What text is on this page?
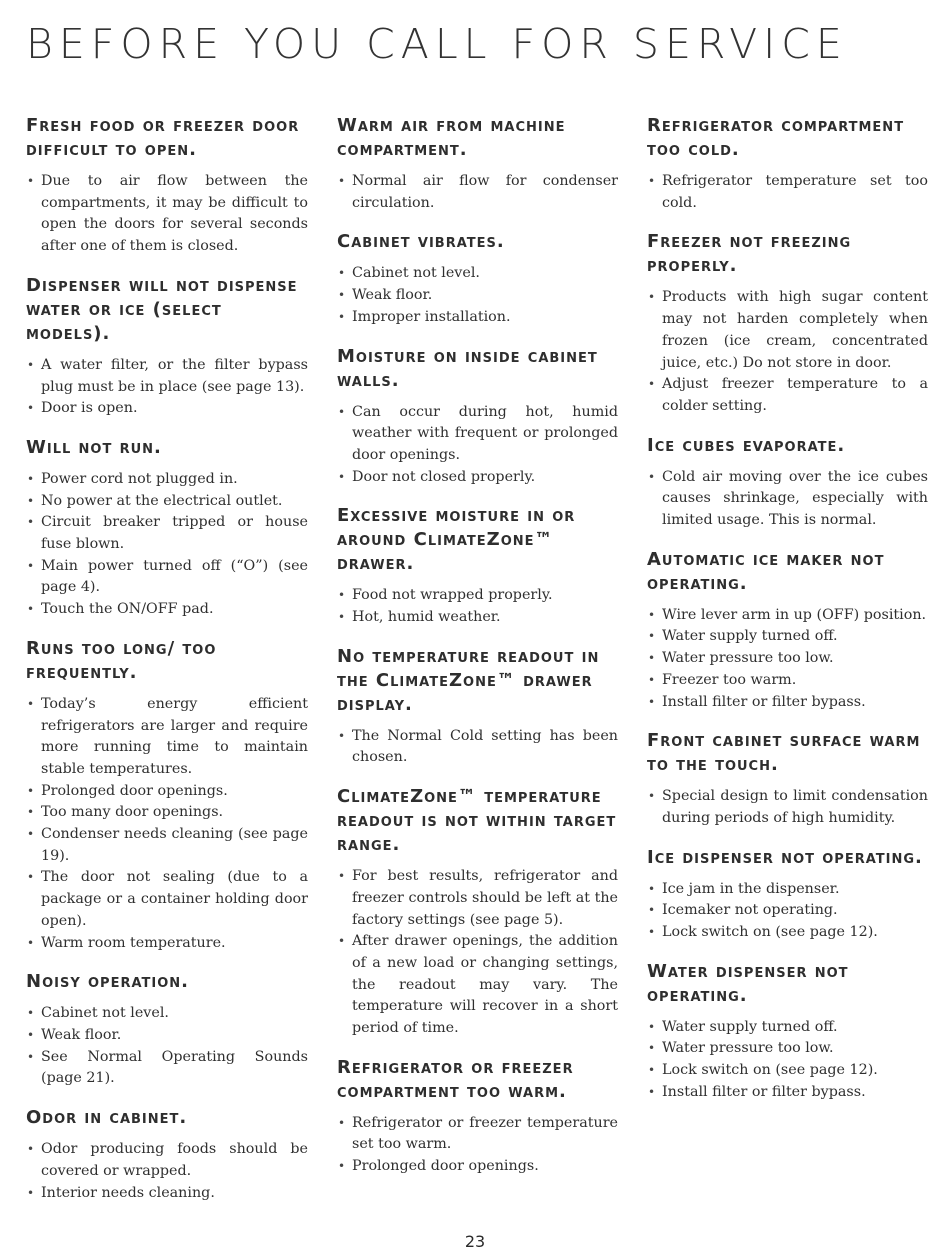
BEFORE YOU CALL FOR SERVICE
Fresh food or freezer door difficult to open.
• Due to air flow between the compartments, it may be difficult to open the doors for several seconds after one of them is closed.
Dispenser will not dispense water or ice (select models).
• A water filter, or the filter bypass plug must be in place (see page 13).
• Door is open.
Will not run.
• Power cord not plugged in.
• No power at the electrical outlet.
• Circuit breaker tripped or house fuse blown.
• Main power turned off (“O”) (see page 4).
• Touch the ON/OFF pad.
Runs too long/ too frequently.
• Today’s energy efficient refrigerators are larger and require more running time to maintain stable temperatures.
• Prolonged door openings.
• Too many door openings.
• Condenser needs cleaning (see page 19).
• The door not sealing (due to a package or a container holding door open).
• Warm room temperature.
Noisy operation.
• Cabinet not level.
• Weak floor.
• See Normal Operating Sounds (page 21).
Odor in cabinet.
• Odor producing foods should be covered or wrapped.
• Interior needs cleaning.
Warm air from machine compartment.
• Normal air flow for condenser circulation.
Cabinet vibrates.
• Cabinet not level.
• Weak floor.
• Improper installation.
Moisture on inside cabinet walls.
• Can occur during hot, humid weather with frequent or prolonged door openings.
• Door not closed properly.
Excessive moisture in or around ClimateZone™ drawer.
• Food not wrapped properly.
• Hot, humid weather.
No temperature readout in the ClimateZone™ drawer display.
• The Normal Cold setting has been chosen.
ClimateZone™ temperature readout is not within target range.
• For best results, refrigerator and freezer controls should be left at the factory settings (see page 5).
• After drawer openings, the addition of a new load or changing settings, the readout may vary. The temperature will recover in a short period of time.
Refrigerator or freezer compartment too warm.
• Refrigerator or freezer temperature set too warm.
• Prolonged door openings.
Refrigerator compartment too cold.
• Refrigerator temperature set too cold.
Freezer not freezing properly.
• Products with high sugar content may not harden completely when frozen (ice cream, concentrated juice, etc.) Do not store in door.
• Adjust freezer temperature to a colder setting.
Ice cubes evaporate.
• Cold air moving over the ice cubes causes shrinkage, especially with limited usage. This is normal.
Automatic ice maker not operating.
• Wire lever arm in up (OFF) position.
• Water supply turned off.
• Water pressure too low.
• Freezer too warm.
• Install filter or filter bypass.
Front cabinet surface warm to the touch.
• Special design to limit condensation during periods of high humidity.
Ice dispenser not operating.
• Ice jam in the dispenser.
• Icemaker not operating.
• Lock switch on (see page 12).
Water dispenser not operating.
• Water supply turned off.
• Water pressure too low.
• Lock switch on (see page 12).
• Install filter or filter bypass.
23
